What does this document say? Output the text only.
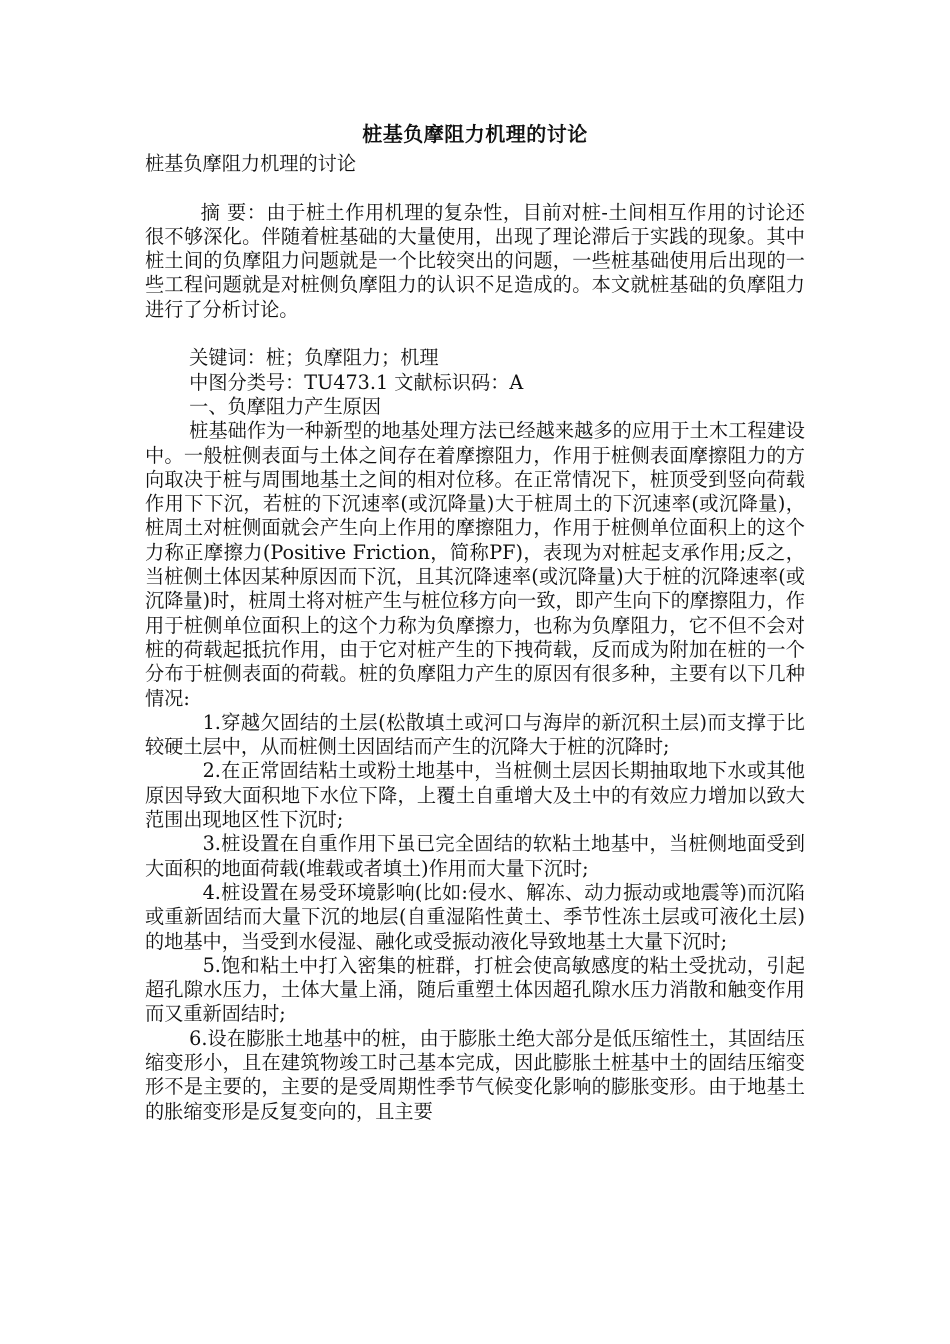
桩基负摩阻力机理的讨论

桩基负摩阻力机理的讨论

摘 要：由于桩土作用机理的复杂性，目前对桩-土间相互作用的讨论还很不够深化。伴随着桩基础的大量使用，出现了理论滞后于实践的现象。其中桩土间的负摩阻力问题就是一个比较突出的问题，一些桩基础使用后出现的一些工程问题就是对桩侧负摩阻力的认识不足造成的。本文就桩基础的负摩阻力进行了分析讨论。

关键词：桩；负摩阻力；机理

中图分类号：TU473.1 文献标识码：A

一、负摩阻力产生原因

桩基础作为一种新型的地基处理方法已经越来越多的应用于土木工程建设中。一般桩侧表面与土体之间存在着摩擦阻力，作用于桩侧表面摩擦阻力的方向取决于桩与周围地基土之间的相对位移。在正常情况下，桩顶受到竖向荷载作用下下沉，若桩的下沉速率(或沉降量)大于桩周土的下沉速率(或沉降量)，桩周土对桩侧面就会产生向上作用的摩擦阻力，作用于桩侧单位面积上的这个力称正摩擦力(Positive Friction，简称PF)，表现为对桩起支承作用;反之，当桩侧土体因某种原因而下沉，且其沉降速率(或沉降量)大于桩的沉降速率(或沉降量)时，桩周土将对桩产生与桩位移方向一致，即产生向下的摩擦阻力，作用于桩侧单位面积上的这个力称为负摩擦力，也称为负摩阻力，它不但不会对桩的荷载起抵抗作用，由于它对桩产生的下拽荷载，反而成为附加在桩的一个分布于桩侧表面的荷载。桩的负摩阻力产生的原因有很多种，主要有以下几种情况:

1.穿越欠固结的土层(松散填土或河口与海岸的新沉积土层)而支撑于比较硬土层中，从而桩侧土因固结而产生的沉降大于桩的沉降时;

2.在正常固结粘土或粉土地基中，当桩侧土层因长期抽取地下水或其他原因导致大面积地下水位下降，上覆土自重增大及土中的有效应力增加以致大范围出现地区性下沉时;

3.桩设置在自重作用下虽已完全固结的软粘土地基中，当桩侧地面受到大面积的地面荷载(堆载或者填土)作用而大量下沉时;

4.桩设置在易受环境影响(比如:侵水、解冻、动力振动或地震等)而沉陷或重新固结而大量下沉的地层(自重湿陷性黄土、季节性冻土层或可液化土层)的地基中，当受到水侵湿、融化或受振动液化导致地基土大量下沉时;

5.饱和粘土中打入密集的桩群，打桩会使高敏感度的粘土受扰动，引起超孔隙水压力，土体大量上涌，随后重塑土体因超孔隙水压力消散和触变作用而又重新固结时;

6.设在膨胀土地基中的桩，由于膨胀土绝大部分是低压缩性土，其固结压缩变形小，且在建筑物竣工时己基本完成，因此膨胀土桩基中土的固结压缩变形不是主要的，主要的是受周期性季节气候变化影响的膨胀变形。由于地基土的胀缩变形是反复变向的，且主要
